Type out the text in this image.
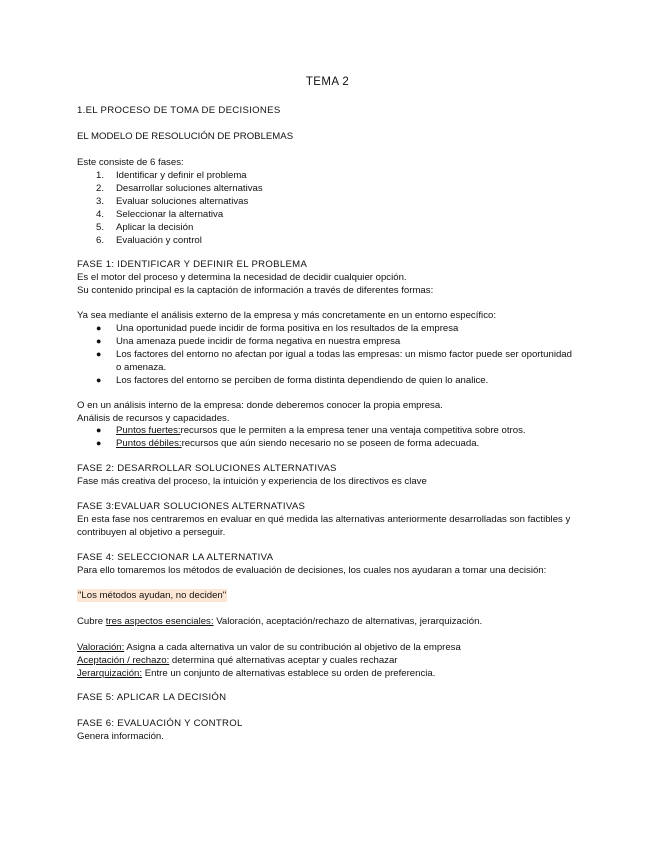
TEMA 2
1.EL PROCESO DE TOMA DE DECISIONES
EL MODELO DE RESOLUCIÓN DE PROBLEMAS
Este consiste de 6 fases:
1. Identificar y definir el problema
2. Desarrollar soluciones alternativas
3. Evaluar soluciones alternativas
4. Seleccionar la alternativa
5. Aplicar la decisión
6. Evaluación y control
FASE 1: IDENTIFICAR Y DEFINIR EL PROBLEMA
Es el motor del proceso y determina la necesidad de decidir cualquier opción.
Su contenido principal es la captación de información a través de diferentes formas:
Ya sea mediante el análisis externo de la empresa y más concretamente en un entorno específico:
● Una oportunidad puede incidir de forma positiva en los resultados de la empresa
● Una amenaza puede incidir de forma negativa en nuestra empresa
● Los factores del entorno no afectan por igual a todas las empresas: un mismo factor puede ser oportunidad o amenaza.
● Los factores del entorno se perciben de forma distinta dependiendo de quien lo analice.
O en un análisis interno de la empresa: donde deberemos conocer la propia empresa.
Análisis de recursos y capacidades.
● Puntos fuertes:recursos que le permiten a la empresa tener una ventaja competitiva sobre otros.
● Puntos débiles:recursos que aún siendo necesario no se poseen de forma adecuada.
FASE 2: DESARROLLAR SOLUCIONES ALTERNATIVAS
Fase más creativa del proceso, la intuición y experiencia de los directivos es clave
FASE 3:EVALUAR SOLUCIONES ALTERNATIVAS
En esta fase nos centraremos en evaluar en qué medida las alternativas anteriormente desarrolladas son factibles y
contribuyen al objetivo a perseguir.
FASE 4: SELECCIONAR LA ALTERNATIVA
Para ello tomaremos los métodos de evaluación de decisiones, los cuales nos ayudaran a tomar una decisión:
"Los métodos ayudan, no deciden"
Cubre tres aspectos esenciales: Valoración, aceptación/rechazo de alternativas, jerarquización.
Valoración: Asigna a cada alternativa un valor de su contribución al objetivo de la empresa
Aceptación / rechazo: determina qué alternativas aceptar y cuales rechazar
Jerarquización: Entre un conjunto de alternativas establece su orden de preferencia.
FASE 5: APLICAR LA DECISIÓN
FASE 6: EVALUACIÓN Y CONTROL
Genera información.
